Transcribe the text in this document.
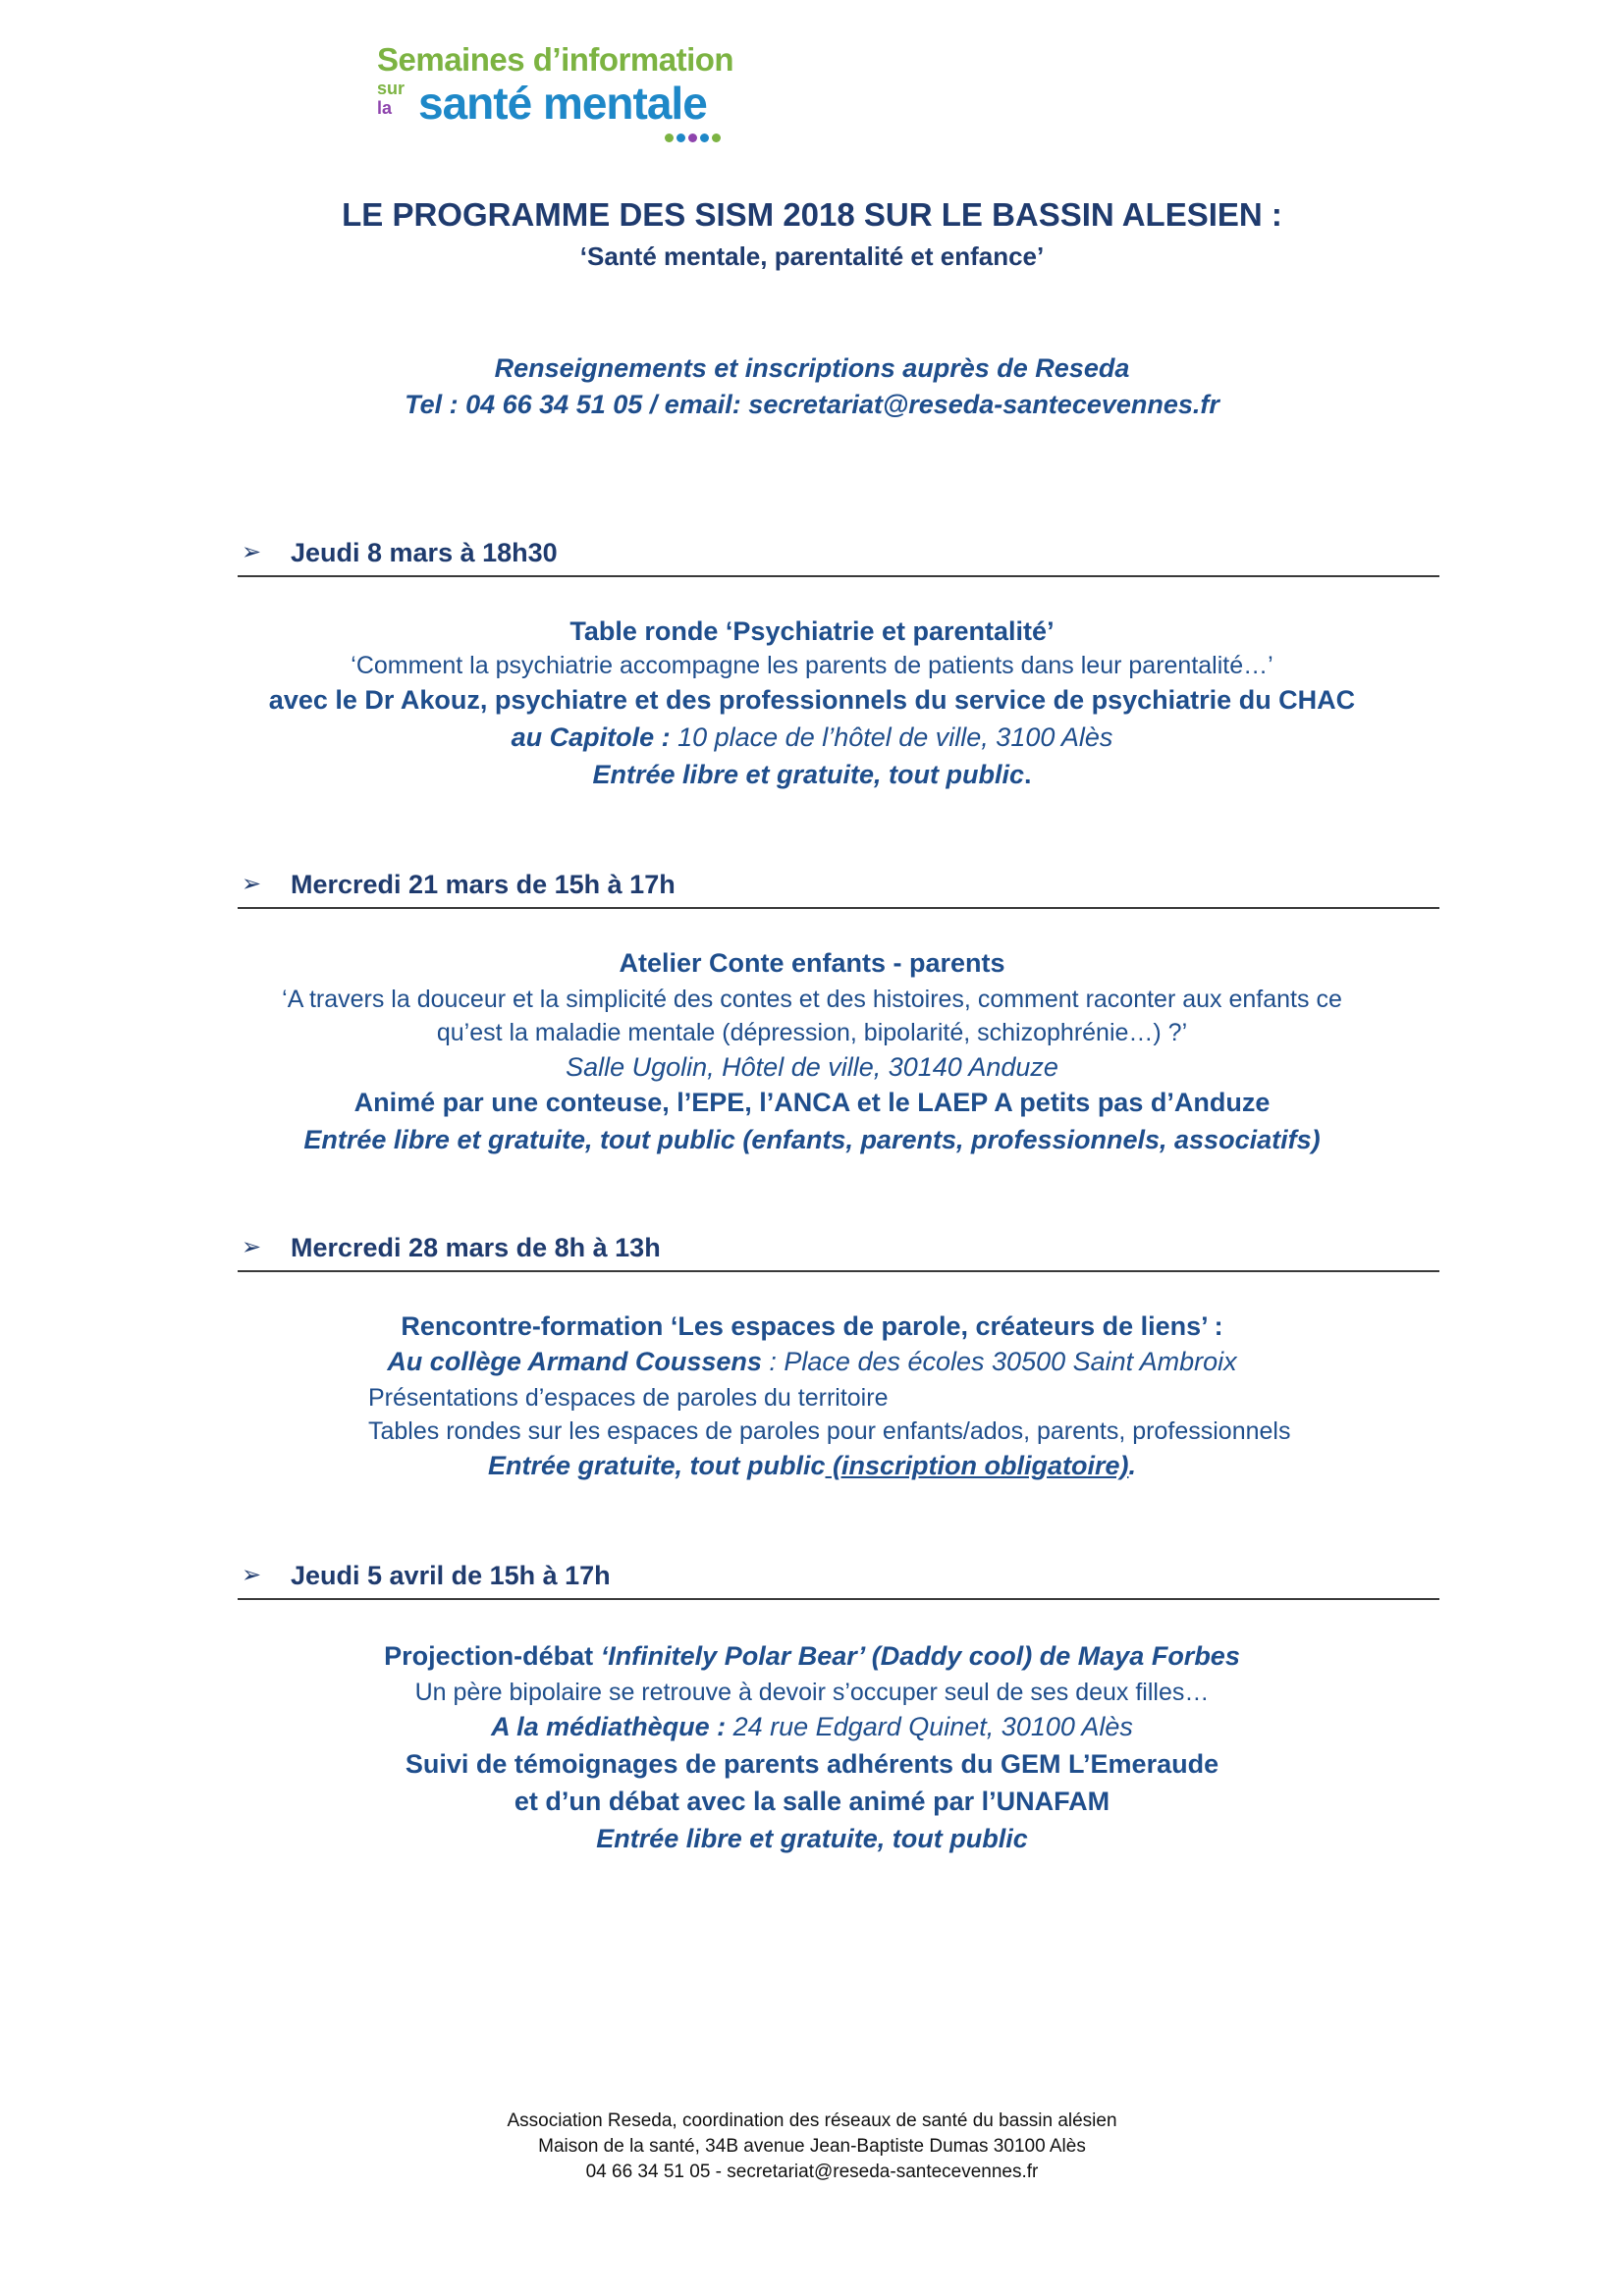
Semaines d’information
sur
la santé mentale
LE PROGRAMME DES SISM 2018 SUR LE BASSIN ALESIEN :
‘Santé mentale, parentalité et enfance’
Renseignements et inscriptions auprès de Reseda
Tel : 04 66 34 51 05 / email: secretariat@reseda-santecevennes.fr
➢ Jeudi 8 mars à 18h30
Table ronde ‘Psychiatrie et parentalité’
‘Comment la psychiatrie accompagne les parents de patients dans leur parentalité…’
avec le Dr Akouz, psychiatre et des professionnels du service de psychiatrie du CHAC
au Capitole : 10 place de l’hôtel de ville, 3100 Alès
Entrée libre et gratuite, tout public.
➢ Mercredi 21 mars de 15h à 17h
Atelier Conte enfants - parents
‘A travers la douceur et la simplicité des contes et des histoires, comment raconter aux enfants ce
qu’est la maladie mentale (dépression, bipolarité, schizophrénie…) ?’
Salle Ugolin, Hôtel de ville, 30140 Anduze
Animé par une conteuse, l’EPE, l’ANCA et le LAEP A petits pas d’Anduze
Entrée libre et gratuite, tout public (enfants, parents, professionnels, associatifs)
➢ Mercredi 28 mars de 8h à 13h
Rencontre-formation ‘Les espaces de parole, créateurs de liens’ :
Au collège Armand Coussens : Place des écoles 30500 Saint Ambroix
Présentations d’espaces de paroles du territoire
Tables rondes sur les espaces de paroles pour enfants/ados, parents, professionnels
Entrée gratuite, tout public (inscription obligatoire).
➢ Jeudi 5 avril de 15h à 17h
Projection-débat ‘Infinitely Polar Bear’ (Daddy cool) de Maya Forbes
Un père bipolaire se retrouve à devoir s’occuper seul de ses deux filles…
A la médiathèque : 24 rue Edgard Quinet, 30100 Alès
Suivi de témoignages de parents adhérents du GEM L’Emeraude
et d’un débat avec la salle animé par l’UNAFAM
Entrée libre et gratuite, tout public
Association Reseda, coordination des réseaux de santé du bassin alésien
Maison de la santé, 34B avenue Jean-Baptiste Dumas 30100 Alès
04 66 34 51 05 - secretariat@reseda-santecevennes.fr
